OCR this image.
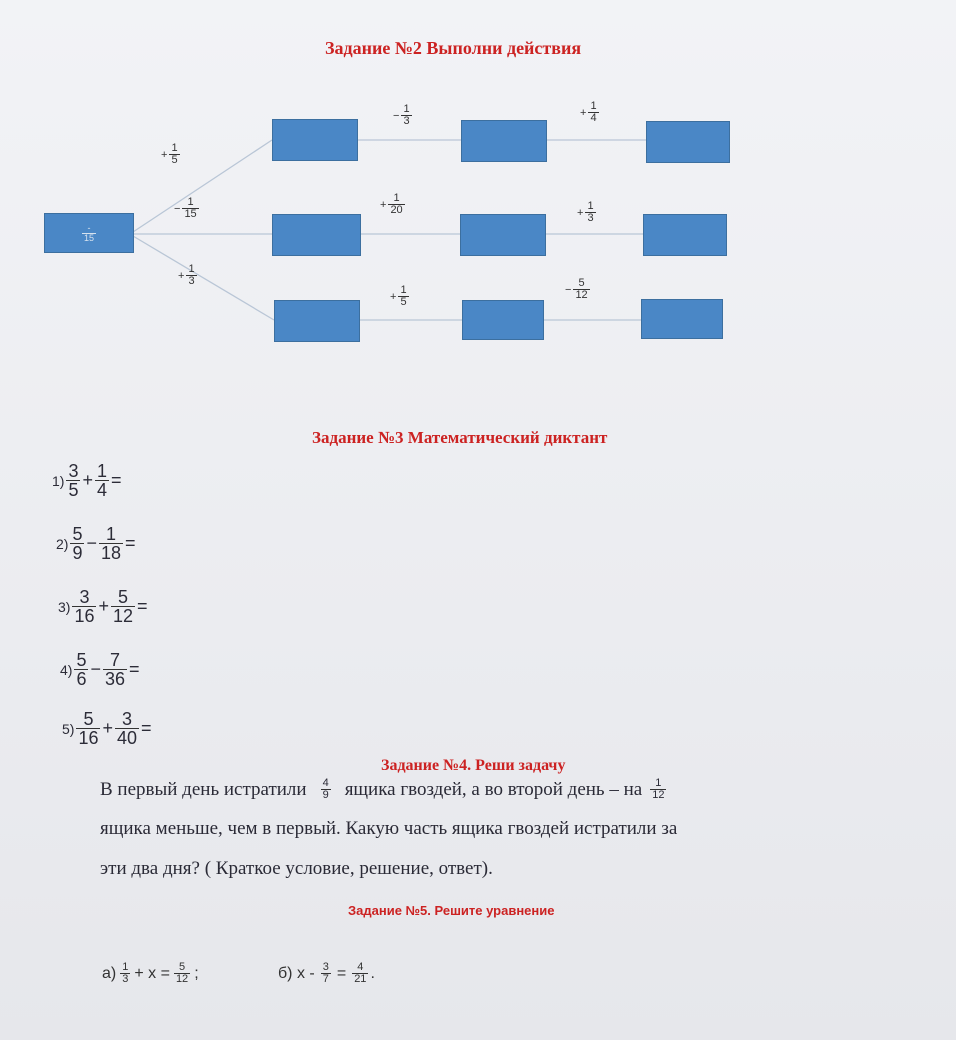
Задание №2 Выполни действия
$\frac{-}{15}$
+ $\frac{1}{5}$
− $\frac{1}{15}$
+ $\frac{1}{3}$
− $\frac{1}{3}$	+ $\frac{1}{4}$
+ $\frac{1}{20}$	+ $\frac{1}{3}$
+ $\frac{1}{5}$	− $\frac{5}{12}$
Задание №3 Математический диктант
$1) \frac{3}{5} + \frac{1}{4}$ =
$2) \frac{5}{9} - \frac{1}{18}$ =
$3) \frac{3}{16} + \frac{5}{12}$ =
$4) \frac{5}{6} - \frac{7}{36}$ =
$5) \frac{5}{16} + \frac{3}{40}$ =
Задание №4. Реши задачу
В первый день истратили $\frac{4}{9}$ ящика гвоздей, а во второй день – на $\frac{1}{12}$
ящика меньше, чем в первый. Какую часть ящика гвоздей истратили за
эти два дня? ( Краткое условие, решение, ответ).
Задание №5. Решите уравнение
$а) \frac{1}{3} + x = \frac{5}{12}$ ;	б) $x - \frac{3}{7} = \frac{4}{21}$ .
